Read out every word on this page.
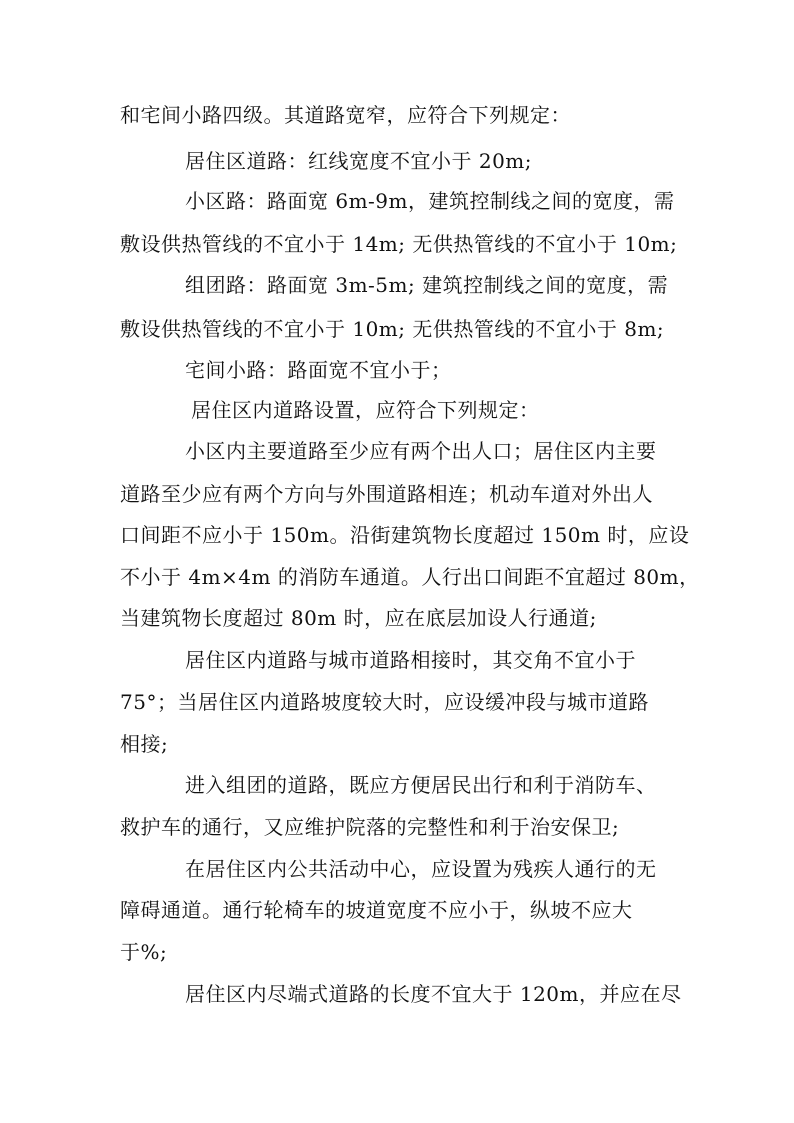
和宅间小路四级。其道路宽窄，应符合下列规定：
居住区道路：红线宽度不宜小于 20m;
小区路：路面宽 6m-9m，建筑控制线之间的宽度，需
敷设供热管线的不宜小于 14m; 无供热管线的不宜小于 10m;
组团路：路面宽 3m-5m; 建筑控制线之间的宽度，需
敷设供热管线的不宜小于 10m; 无供热管线的不宜小于 8m;
宅间小路：路面宽不宜小于；
居住区内道路设置，应符合下列规定：
小区内主要道路至少应有两个出人口；居住区内主要
道路至少应有两个方向与外围道路相连；机动车道对外出人
口间距不应小于 150m。沿街建筑物长度超过 150m 时，应设
不小于 4m×4m 的消防车通道。人行出口间距不宜超过 80m，
当建筑物长度超过 80m 时，应在底层加设人行通道;
居住区内道路与城市道路相接时，其交角不宜小于
75°；当居住区内道路坡度较大时，应设缓冲段与城市道路
相接;
进入组团的道路，既应方便居民出行和利于消防车、
救护车的通行，又应维护院落的完整性和利于治安保卫;
在居住区内公共活动中心，应设置为残疾人通行的无
障碍通道。通行轮椅车的坡道宽度不应小于，纵坡不应大
于%;
居住区内尽端式道路的长度不宜大于 120m，并应在尽
